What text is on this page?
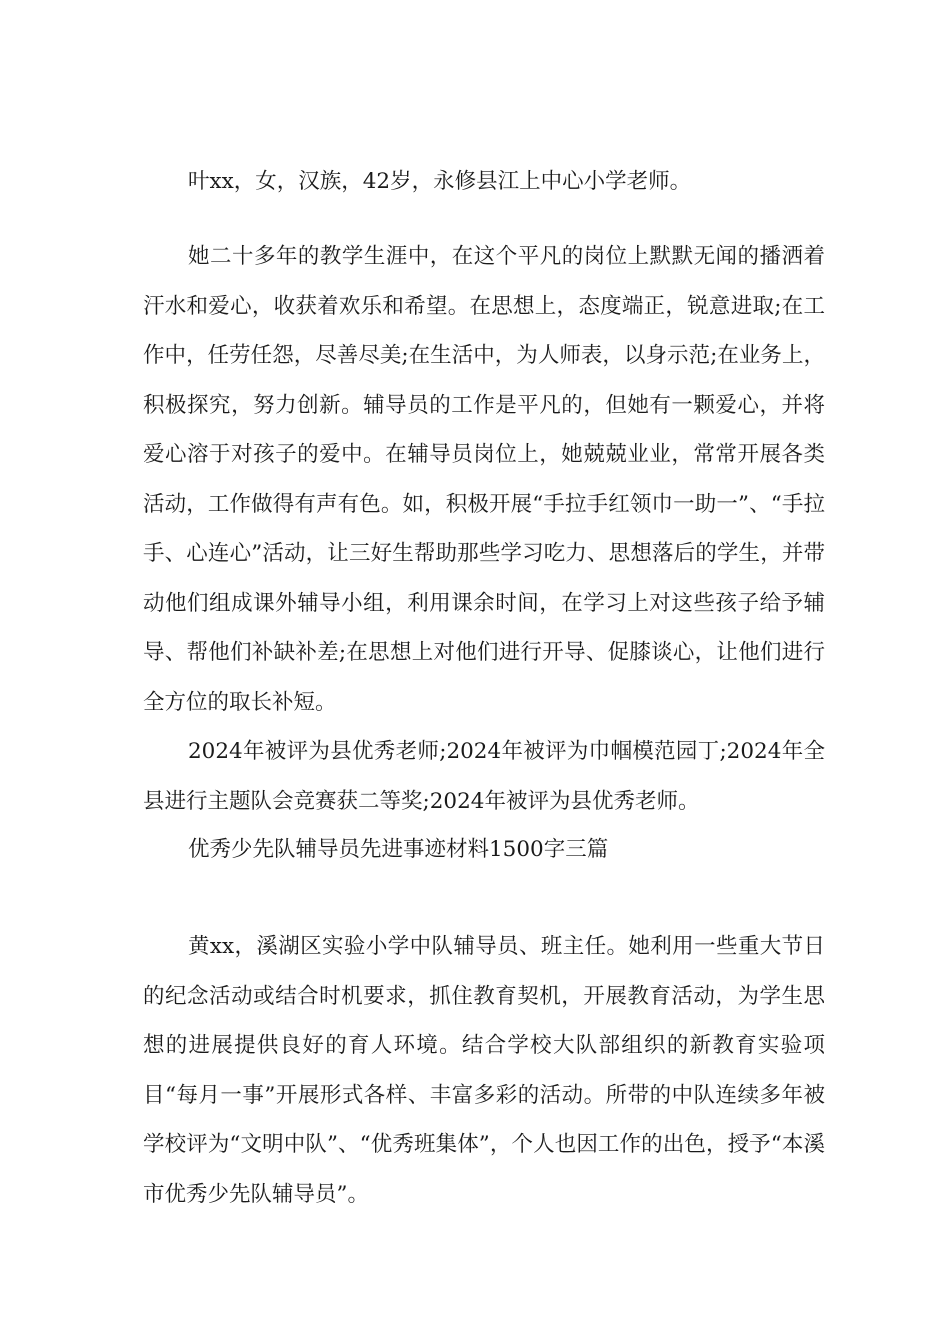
叶xx，女，汉族，42岁，永修县江上中心小学老师。

她二十多年的教学生涯中，在这个平凡的岗位上默默无闻的播洒着汗水和爱心，收获着欢乐和希望。在思想上，态度端正，锐意进取;在工作中，任劳任怨，尽善尽美;在生活中，为人师表，以身示范;在业务上，积极探究，努力创新。辅导员的工作是平凡的，但她有一颗爱心，并将爱心溶于对孩子的爱中。在辅导员岗位上，她兢兢业业，常常开展各类活动，工作做得有声有色。如，积极开展“手拉手红领巾一助一”、“手拉手、心连心”活动，让三好生帮助那些学习吃力、思想落后的学生，并带动他们组成课外辅导小组，利用课余时间，在学习上对这些孩子给予辅导、帮他们补缺补差;在思想上对他们进行开导、促膝谈心，让他们进行全方位的取长补短。

2024年被评为县优秀老师;2024年被评为巾帼模范园丁;2024年全县进行主题队会竞赛获二等奖;2024年被评为县优秀老师。

优秀少先队辅导员先进事迹材料1500字三篇

黄xx，溪湖区实验小学中队辅导员、班主任。她利用一些重大节日的纪念活动或结合时机要求，抓住教育契机，开展教育活动，为学生思想的进展提供良好的育人环境。结合学校大队部组织的新教育实验项目“每月一事”开展形式各样、丰富多彩的活动。所带的中队连续多年被学校评为“文明中队”、“优秀班集体”，个人也因工作的出色，授予“本溪市优秀少先队辅导员”。
